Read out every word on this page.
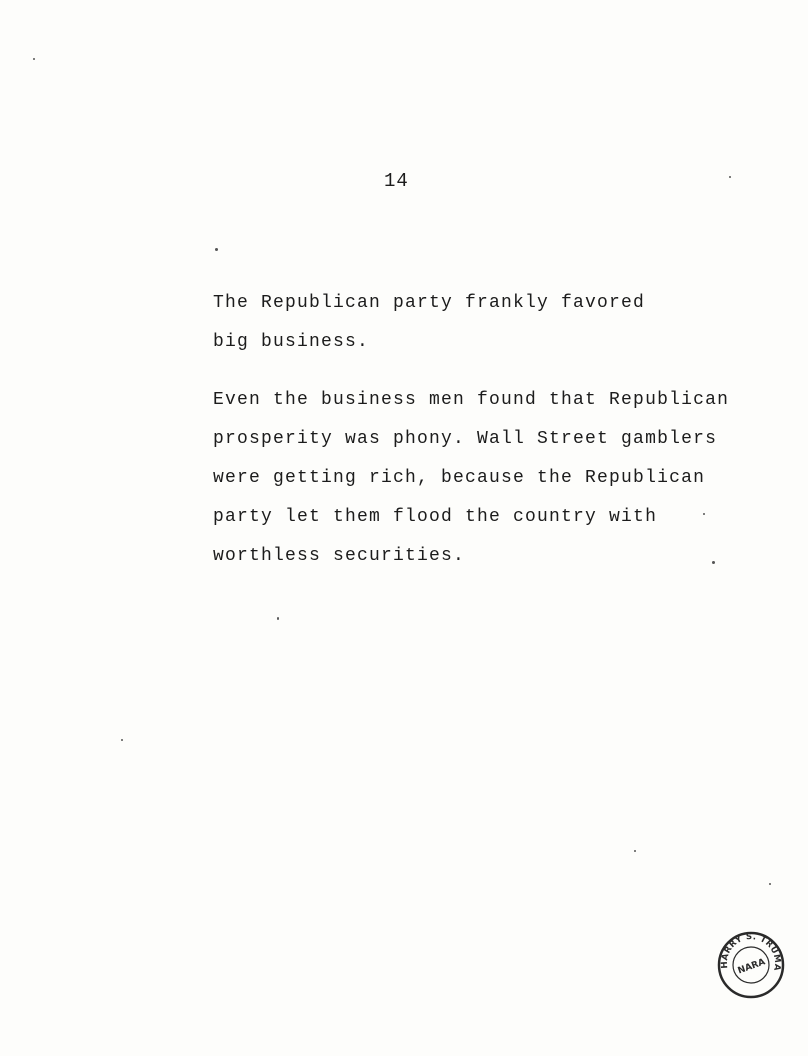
14

The Republican party frankly favored
big business.

Even the business men found that Republican
prosperity was phony. Wall Street gamblers
were getting rich, because the Republican
party let them flood the country with
worthless securities.

HARRY S. TRUMA
NARA
